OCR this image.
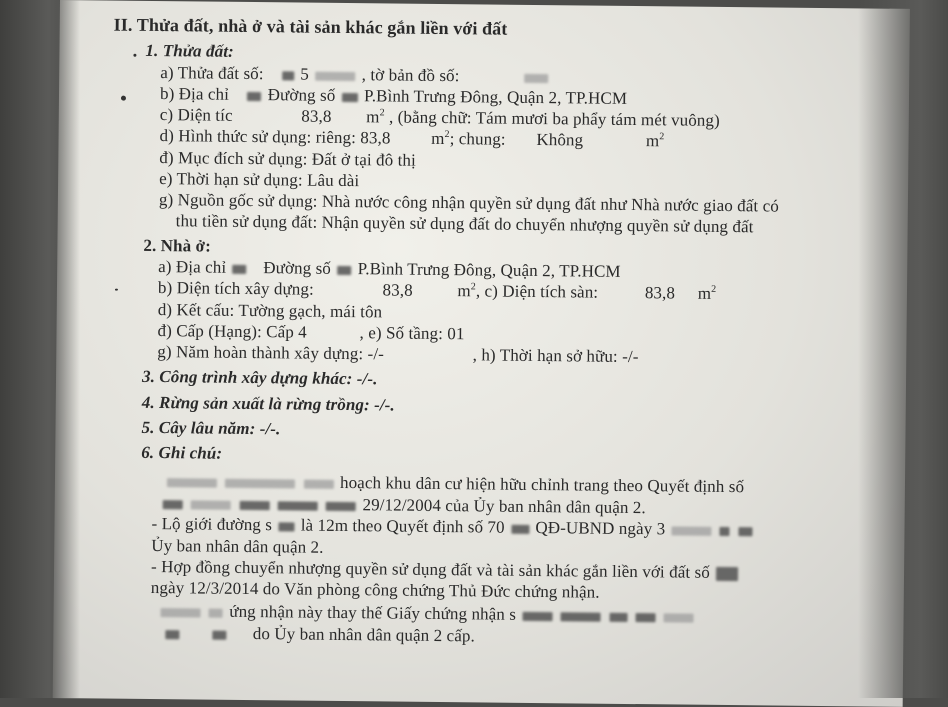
II. Thửa đất, nhà ở và tài sản khác gắn liền với đất
1. Thửa đất:
a) Thửa đất số: 5	, tờ bản đồ số:
b) Địa chỉ Đường số P.Bình Trưng Đông, Quận 2, TP.HCM
c) Diện tíc	83,8 $m^2$ , (bằng chữ: Tám mươi ba phẩy tám mét vuông)
d) Hình thức sử dụng: riêng: 83,8 $m^2$; chung: Không	$m^2$
đ) Mục đích sử dụng: Đất ở tại đô thị
e) Thời hạn sử dụng: Lâu dài
g) Nguồn gốc sử dụng: Nhà nước công nhận quyền sử dụng đất như Nhà nước giao đất có
thu tiền sử dụng đất: Nhận quyền sử dụng đất do chuyển nhượng quyền sử dụng đất
2. Nhà ở:
a) Địa chỉ Đường số P.Bình Trưng Đông, Quận 2, TP.HCM
b) Diện tích xây dựng:	83,8	$m^2$, c) Diện tích sàn:	83,8 $m^2$
d) Kết cấu: Tường gạch, mái tôn
đ) Cấp (Hạng): Cấp 4	, e) Số tầng: 01
g) Năm hoàn thành xây dựng: -/-	, h) Thời hạn sở hữu: -/-
3. Công trình xây dựng khác: -/-.
4. Rừng sản xuất là rừng trồng: -/-.
5. Cây lâu năm: -/-.
6. Ghi chú:
hoạch khu dân cư hiện hữu chỉnh trang theo Quyết định số
29/12/2004 của Ủy ban nhân dân quận 2.
- Lộ giới đường s là 12m theo Quyết định số 70 QĐ-UBND ngày 3
Ủy ban nhân dân quận 2.
- Hợp đồng chuyển nhượng quyền sử dụng đất và tài sản khác gắn liền với đất số
ngày 12/3/2014 do Văn phòng công chứng Thủ Đức chứng nhận.
ứng nhận này thay thế Giấy chứng nhận s
do Ủy ban nhân dân quận 2 cấp.
